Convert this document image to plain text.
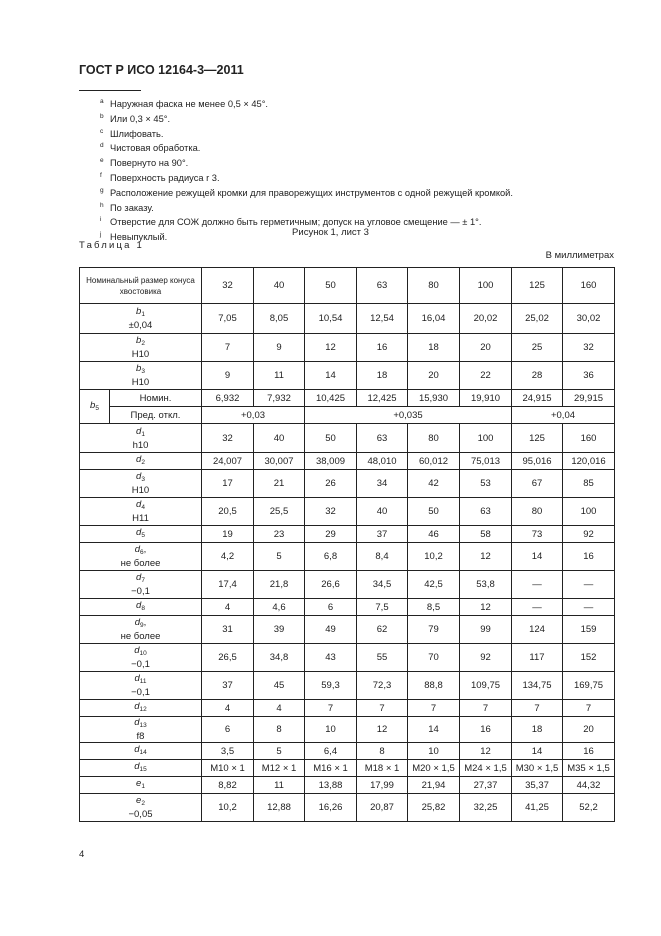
ГОСТ Р ИСО 12164-3—2011
$^a$ Наружная фаска не менее 0,5 × 45°.
$^b$ Или 0,3 × 45°.
$^c$ Шлифовать.
$^d$ Чистовая обработка.
$^e$ Повернуто на 90°.
$^f$ Поверхность радиуса r 3.
$^g$ Расположение режущей кромки для праворежущих инструментов с одной режущей кромкой.
$^h$ По заказу.
$^i$ Отверстие для СОЖ должно быть герметичным; допуск на угловое смещение — ± 1°.
$^j$ Невыпуклый.	Рисунок 1, лист 3
Таблица 1
В миллиметрах
Номинальный размер конуса хвостовика		32	40	50	63	80	100	125	160

$b_1$
±0,04		7,05	8,05	10,54	12,54	16,04	20,02	25,02	30,02

$b_2$
H10		7	9	12	16	18	20	25	32

$b_3$
H10		9	11	14	18	20	22	28	36
$b_5$	Номин.	6,932	7,932	10,425	12,425	15,930	19,910	24,915	29,915
	Пред. откл.	+0,03		+0,035				+0,04	

$d_1$
h10		32	40	50	63	80	100	125	160

$d_2$		24,007	30,007	38,009	48,010	60,012	75,013	95,016	120,016

$d_3$
H10		17	21	26	34	42	53	67	85

$d_4$
H11		20,5	25,5	32	40	50	63	80	100

$d_5$		19	23	29	37	46	58	73	92

$d_6$,
не более		4,2	5	6,8	8,4	10,2	12	14	16

$d_7$
−0,1		17,4	21,8	26,6	34,5	42,5	53,8	—	—

$d_8$		4	4,6	6	7,5	8,5	12	—	—

$d_9$,
не более		31	39	49	62	79	99	124	159

$d_{10}$
−0,1		26,5	34,8	43	55	70	92	117	152

$d_{11}$
−0,1		37	45	59,3	72,3	88,8	109,75	134,75	169,75

$d_{12}$		4	4	7	7	7	7	7	7

$d_{13}$
f8		6	8	10	12	14	16	18	20

$d_{14}$		3,5	5	6,4	8	10	12	14	16

$d_{15}$		M10 × 1	M12 × 1	M16 × 1	M18 × 1	M20 × 1,5	M24 × 1,5	M30 × 1,5	M35 × 1,5

$e_1$		8,82	11	13,88	17,99	21,94	27,37	35,37	44,32

$e_2$
−0,05		10,2	12,88	16,26	20,87	25,82	32,25	41,25	52,2
4
